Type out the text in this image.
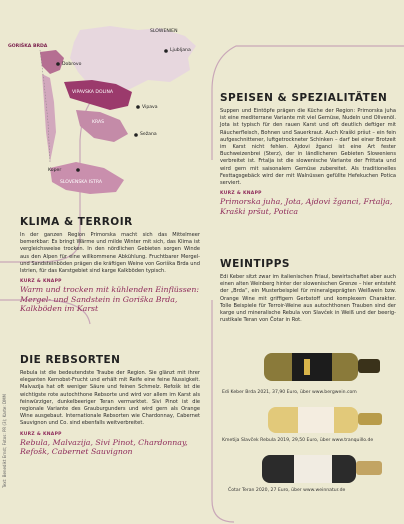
SLOWENIEN
Ljubljana
GORIŠKA BRDA
Dobrovo
VIPAVSKA DOLINA
Vipava
KRAS
Sežana
Koper
SLOVENSKA ISTRA
Text: Benedikt Ernst; Fotos: PR (3); Karte: DMM
KLIMA & TERROIR

In der ganzen Region Primorska macht sich das Mittelmeer bemerkbar: Es bringt Wärme und milde Winter mit sich, das Klima ist vergleichsweise trocken. In den nördlichen Gebieten sorgen Winde aus den Alpen für eine willkommene Abkühlung. Fruchtbarer Mergel- und Sandsteinböden prägen die kräftigen Weine von Goriška Brda und Istrien, für das Karstgebiet sind karge Kalkböden typisch.

KURZ & KNAPP
Warm und trocken mit kühlenden Einflüssen: Mergel- und Sandstein in Goriška Brda, Kalkböden im Karst
DIE REBSORTEN

Rebula ist die bedeutendste Traube der Region. Sie glänzt mit ihrer eleganten Kernobst-Frucht und erhält mit Reife eine feine Nussigkeit. Malvazija hat oft weniger Säure und feinen Schmelz. Refošk ist die wichtigste rote autochthone Rebsorte und wird vor allem im Karst als feinwürziger, dunkelbeeriger Teran vermarktet. Sivi Pinot ist die regionale Variante des Grauburgunders und wird gern als Orange Wine ausgebaut. Internationale Rebsorten wie Chardonnay, Cabernet Sauvignon und Co. sind ebenfalls weitverbreitet.

KURZ & KNAPP
Rebula, Malvazija, Sivi Pinot, Chardonnay, Refošk, Cabernet Sauvignon
SPEISEN & SPEZIALITÄTEN

Suppen und Eintöpfe prägen die Küche der Region: Primorska juha ist eine mediterrane Variante mit viel Gemüse, Nudeln und Olivenöl. Jota ist typisch für den rauen Karst und oft deutlich deftiger mit Räucherfleisch, Bohnen und Sauerkraut. Auch Kraški pršut – ein fein aufgeschnittener, luftgetrockneter Schinken – darf bei einer Brotzeit im Karst nicht fehlen. Ajdovi žganci ist eine Art fester Buchweizenbrei (Sterz), der in ländlicheren Gebieten Sloweniens verbreitet ist. Frtalja ist die slowenische Variante der Frittata und wird gern mit saisonalem Gemüse zubereitet. Als traditionelles Festtagsgebäck wird der mit Walnüssen gefüllte Hefekuchen Potica serviert.

KURZ & KNAPP
Primorska juha, Jota, Ajdovi žganci, Frtalja, Kraški pršut, Potica
WEINTIPPS

Edi Keber sitzt zwar im italienischen Friaul, bewirtschaftet aber auch einen alten Weinberg hinter der slowenischen Grenze – hier entsteht der „Brda“, ein Musterbeispiel für mineralgeprägten Weißwein bzw. Orange Wine mit griffigem Gerbstoff und komplexem Charakter. Tolle Beispiele für Terroir-Weine aus autochthonen Trauben sind der karge und mineralische Rebula von Slavček in Weiß und der beerig-rustikale Teran von Čotar in Rot.

Edi Keber Brda 2021, 37,90 Euro, über www.bergwein.com
Kmetija Slavček Rebula 2019, 29,50 Euro, über www.tranquillo.de
Čotar Teran 2020, 27 Euro, über www.weinnatur.de
